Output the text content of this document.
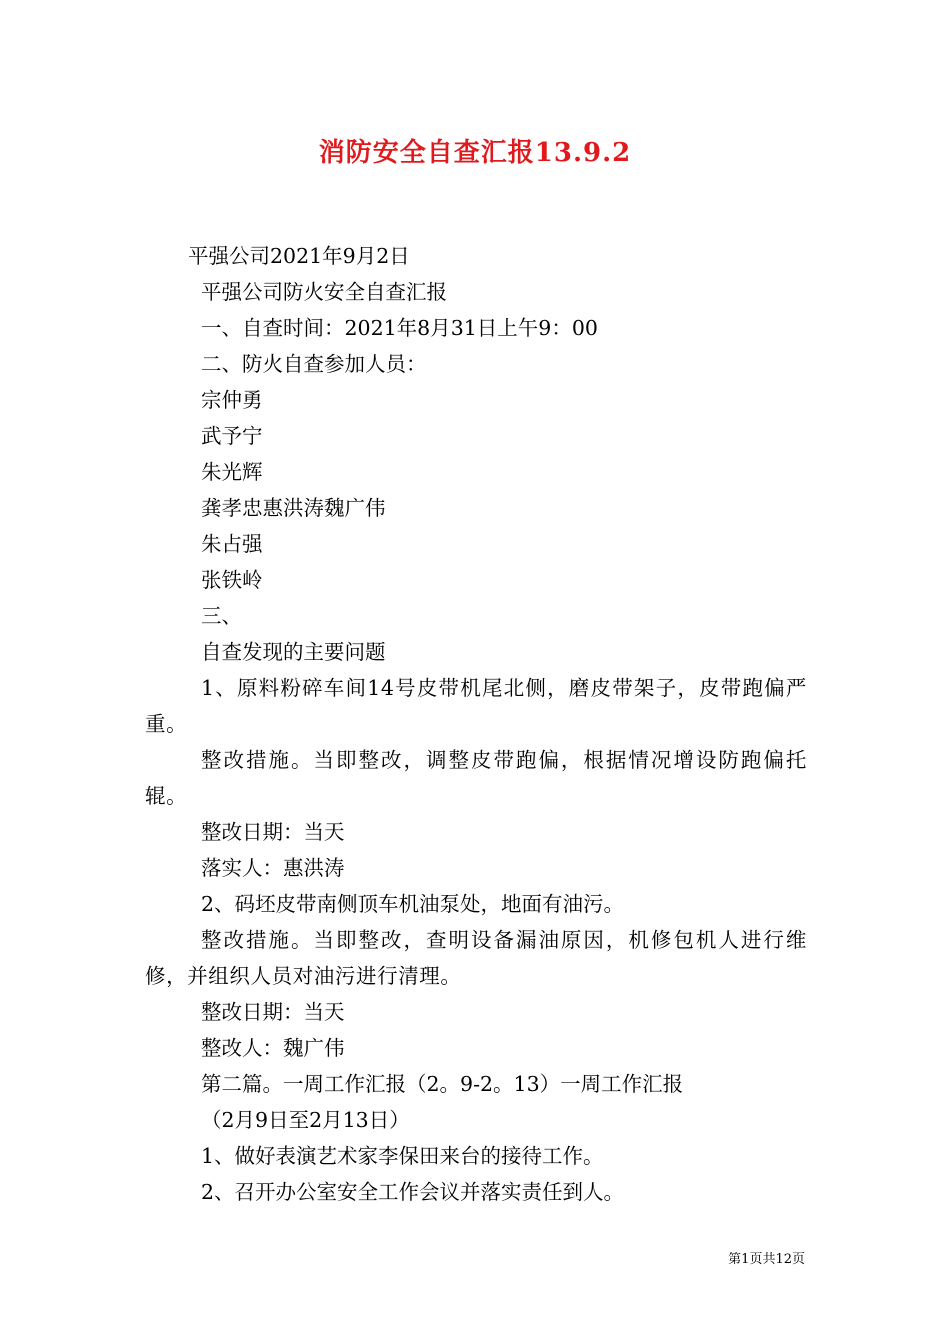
消防安全自查汇报13.9.2

平强公司2021年9月2日

平强公司防火安全自查汇报

一、自查时间：2021年8月31日上午9：00

二、防火自查参加人员：

宗仲勇

武予宁

朱光辉

龚孝忠惠洪涛魏广伟

朱占强

张铁岭

三、

自查发现的主要问题

1、原料粉碎车间14号皮带机尾北侧，磨皮带架子，皮带跑偏严重。

整改措施。当即整改，调整皮带跑偏，根据情况增设防跑偏托辊。

整改日期：当天

落实人：惠洪涛

2、码坯皮带南侧顶车机油泵处，地面有油污。

整改措施。当即整改，查明设备漏油原因，机修包机人进行维修，并组织人员对油污进行清理。

整改日期：当天

整改人：魏广伟

第二篇。一周工作汇报（2。9-2。13）一周工作汇报

（2月9日至2月13日）

1、做好表演艺术家李保田来台的接待工作。

2、召开办公室安全工作会议并落实责任到人。

第1页共12页
